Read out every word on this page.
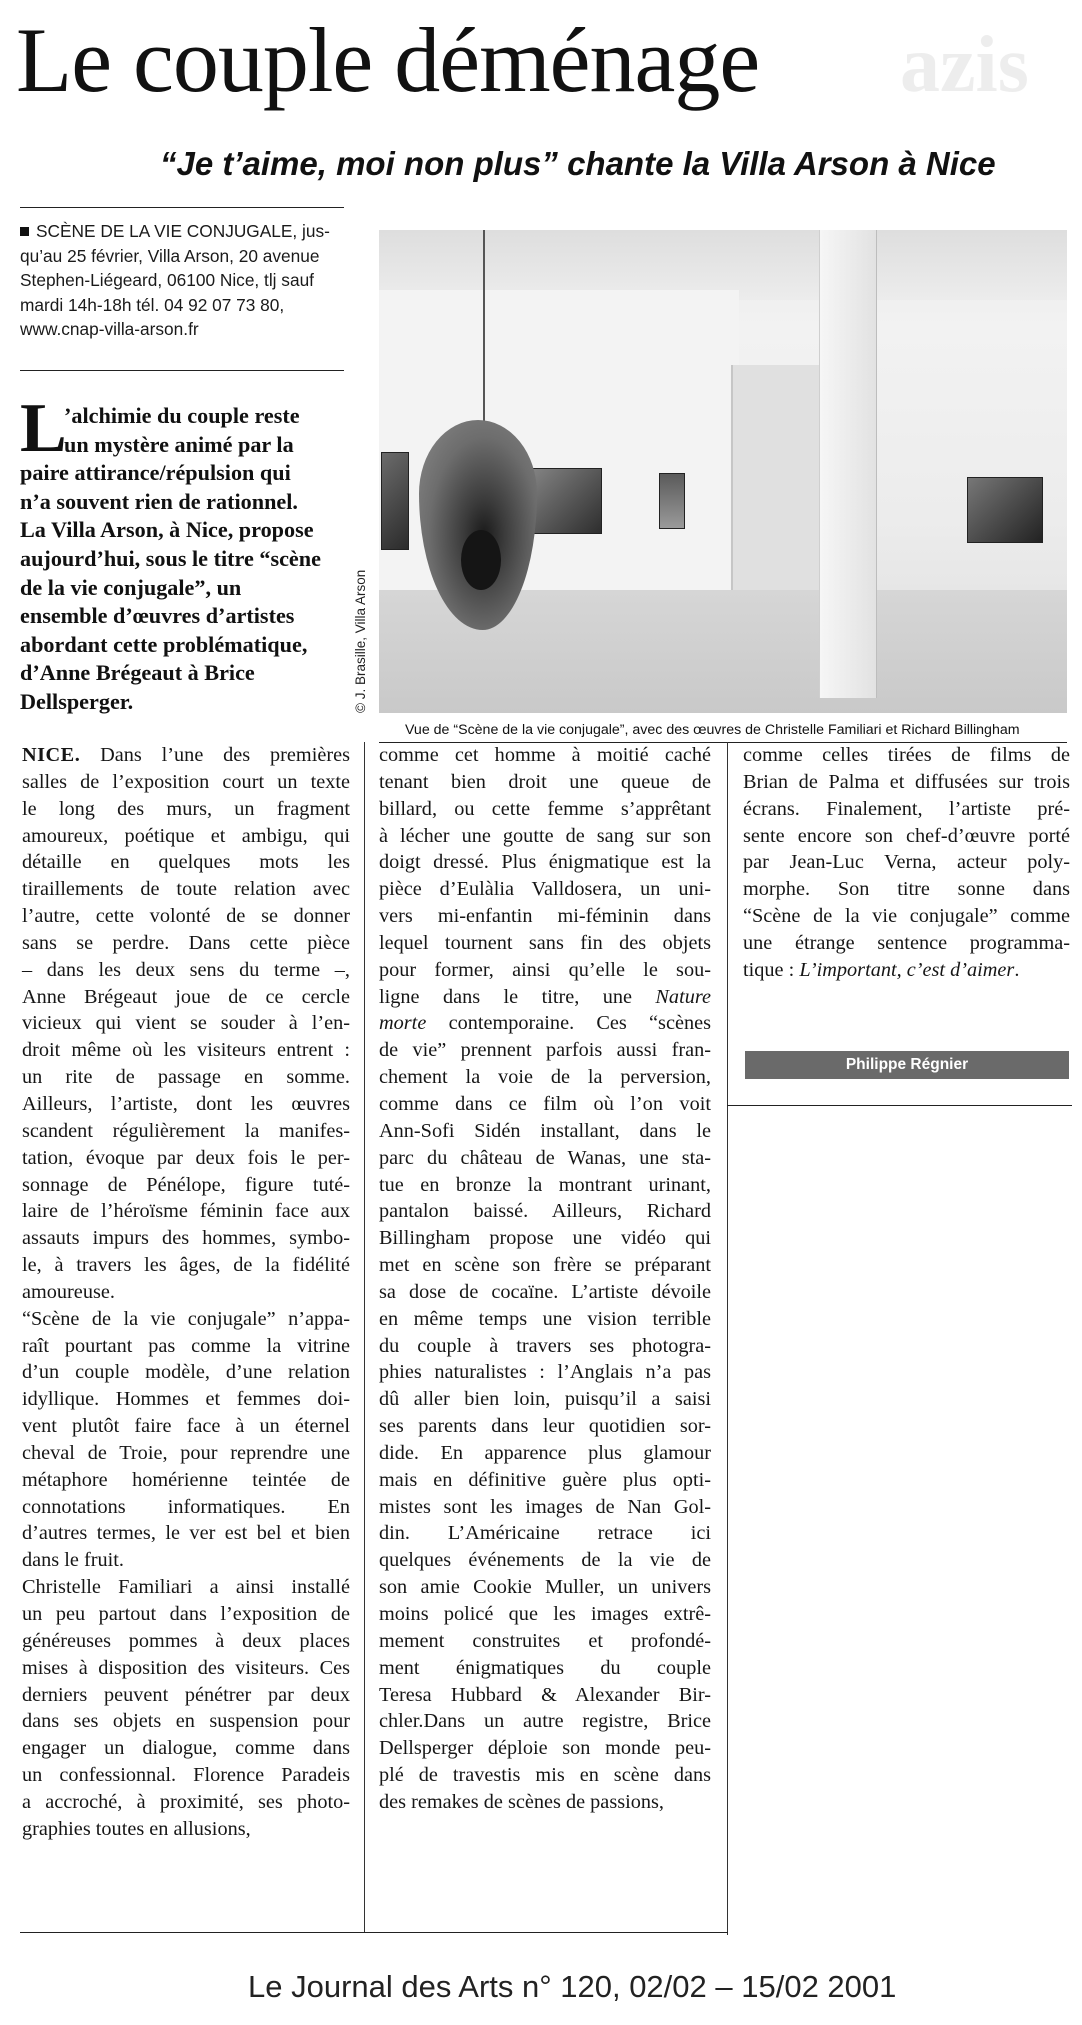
azis
Le couple déménage
“Je t’aime, moi non plus” chante la Villa Arson à Nice
SCÈNE DE LA VIE CONJUGALE, jus-
qu’au 25 février, Villa Arson, 20 avenue
Stephen-Liégeard, 06100 Nice, tlj sauf
mardi 14h-18h tél. 04 92 07 73 80,
www.cnap-villa-arson.fr
L
’alchimie du couple reste
un mystère animé par la
paire attirance/répulsion qui
n’a souvent rien de rationnel.
La Villa Arson, à Nice, propose
aujourd’hui, sous le titre “scène
de la vie conjugale”, un
ensemble d’œuvres d’artistes
abordant cette problématique,
d’Anne Brégeaut à Brice
Dellsperger.	© J. Brasille, Villa Arson
Vue de “Scène de la vie conjugale”, avec des œuvres de Christelle Familiari et Richard Billingham
NICE. Dans l’une des premières
salles de l’exposition court un texte
le long des murs, un fragment
amoureux, poétique et ambigu, qui
détaille en quelques mots les
tiraillements de toute relation avec
l’autre, cette volonté de se donner
sans se perdre. Dans cette pièce
– dans les deux sens du terme –,
Anne Brégeaut joue de ce cercle
vicieux qui vient se souder à l’en-
droit même où les visiteurs entrent :
un rite de passage en somme.
Ailleurs, l’artiste, dont les œuvres
scandent régulièrement la manifes-
tation, évoque par deux fois le per-
sonnage de Pénélope, figure tuté-
laire de l’héroïsme féminin face aux
assauts impurs des hommes, symbo-
le, à travers les âges, de la fidélité
amoureuse.
“Scène de la vie conjugale” n’appa-
raît pourtant pas comme la vitrine
d’un couple modèle, d’une relation
idyllique. Hommes et femmes doi-
vent plutôt faire face à un éternel
cheval de Troie, pour reprendre une
métaphore homérienne teintée de
connotations informatiques. En
d’autres termes, le ver est bel et bien
dans le fruit.
Christelle Familiari a ainsi installé
un peu partout dans l’exposition de
généreuses pommes à deux places
mises à disposition des visiteurs. Ces
derniers peuvent pénétrer par deux
dans ses objets en suspension pour
engager un dialogue, comme dans
un confessionnal. Florence Paradeis
a accroché, à proximité, ses photo-
graphies toutes en allusions,
comme cet homme à moitié caché
tenant bien droit une queue de
billard, ou cette femme s’apprêtant
à lécher une goutte de sang sur son
doigt dressé. Plus énigmatique est la
pièce d’Eulàlia Valldosera, un uni-
vers mi-enfantin mi-féminin dans
lequel tournent sans fin des objets
pour former, ainsi qu’elle le sou-
ligne dans le titre, une Nature
morte contemporaine. Ces “scènes
de vie” prennent parfois aussi fran-
chement la voie de la perversion,
comme dans ce film où l’on voit
Ann-Sofi Sidén installant, dans le
parc du château de Wanas, une sta-
tue en bronze la montrant urinant,
pantalon baissé. Ailleurs, Richard
Billingham propose une vidéo qui
met en scène son frère se préparant
sa dose de cocaïne. L’artiste dévoile
en même temps une vision terrible
du couple à travers ses photogra-
phies naturalistes : l’Anglais n’a pas
dû aller bien loin, puisqu’il a saisi
ses parents dans leur quotidien sor-
dide. En apparence plus glamour
mais en définitive guère plus opti-
mistes sont les images de Nan Gol-
din. L’Américaine retrace ici
quelques événements de la vie de
son amie Cookie Muller, un univers
moins policé que les images extrê-
mement construites et profondé-
ment énigmatiques du couple
Teresa Hubbard & Alexander Bir-
chler.Dans un autre registre, Brice
Dellsperger déploie son monde peu-
plé de travestis mis en scène dans
des remakes de scènes de passions,
comme celles tirées de films de
Brian de Palma et diffusées sur trois
écrans. Finalement, l’artiste pré-
sente encore son chef-d’œuvre porté
par Jean-Luc Verna, acteur poly-
morphe. Son titre sonne dans
“Scène de la vie conjugale” comme
une étrange sentence programma-
tique : L’important, c’est d’aimer.
Philippe Régnier
Le Journal des Arts n° 120, 02/02 – 15/02 2001
